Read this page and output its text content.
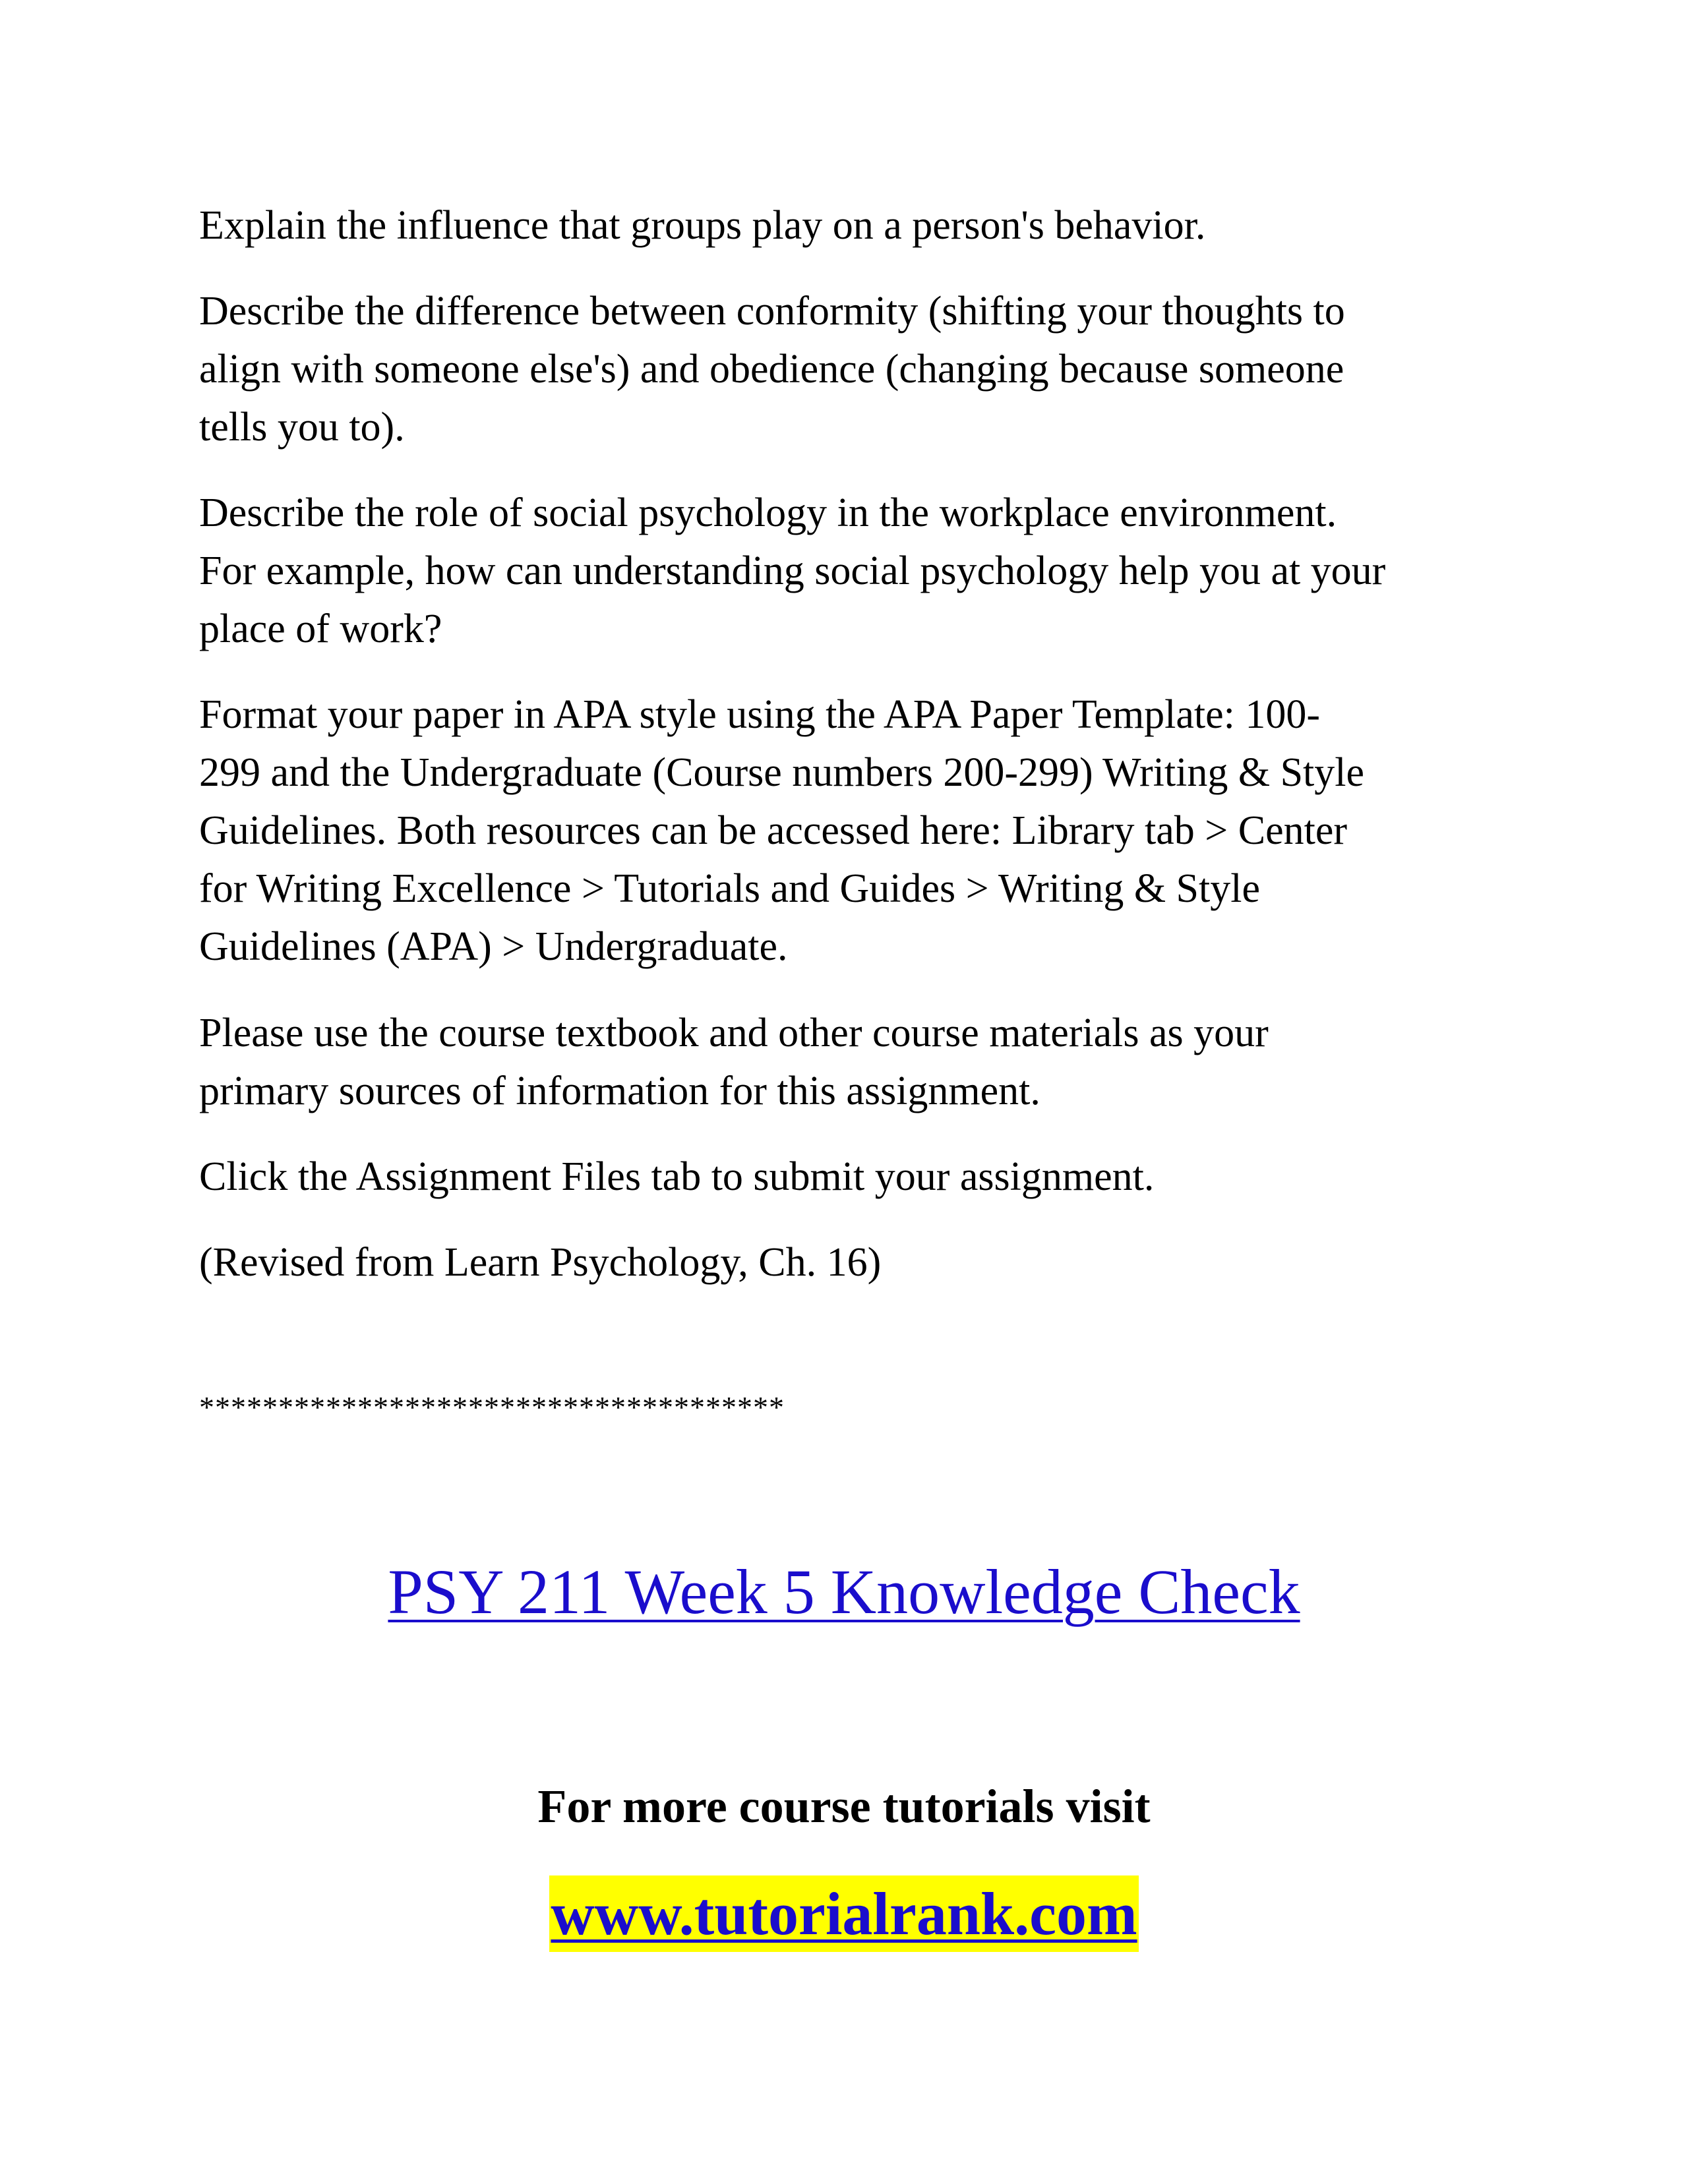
Explain the influence that groups play on a person's behavior.

Describe the difference between conformity (shifting your thoughts to
align with someone else's) and obedience (changing because someone
tells you to).

Describe the role of social psychology in the workplace environment.
For example, how can understanding social psychology help you at your
place of work?

Format your paper in APA style using the APA Paper Template: 100-
299 and the Undergraduate (Course numbers 200-299) Writing & Style
Guidelines. Both resources can be accessed here: Library tab > Center
for Writing Excellence > Tutorials and Guides > Writing & Style
Guidelines (APA) > Undergraduate.

Please use the course textbook and other course materials as your
primary sources of information for this assignment.

Click the Assignment Files tab to submit your assignment.

(Revised from Learn Psychology, Ch. 16)

*************************************

PSY 211 Week 5 Knowledge Check

For more course tutorials visit

www.tutorialrank.com
